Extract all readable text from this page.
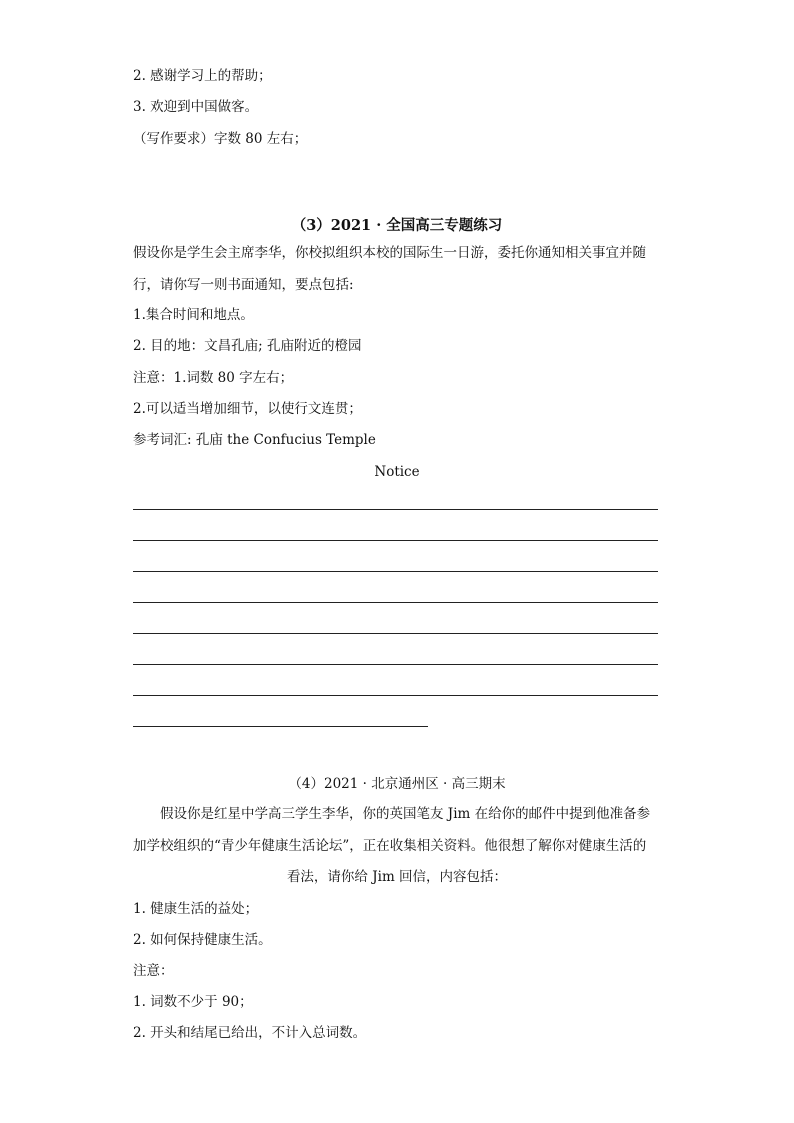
2. 感谢学习上的帮助；
3. 欢迎到中国做客。
（写作要求）字数 80 左右；
（3）2021 · 全国高三专题练习
假设你是学生会主席李华，你校拟组织本校的国际生一日游，委托你通知相关事宜并随
行，请你写一则书面通知，要点包括:
1.集合时间和地点。
2. 目的地：文昌孔庙; 孔庙附近的橙园
注意：1.词数 80 字左右；
2.可以适当增加细节，以使行文连贯；
参考词汇: 孔庙 the Confucius Temple
Notice
（4）2021 · 北京通州区 · 高三期末
假设你是红星中学高三学生李华，你的英国笔友 Jim 在给你的邮件中提到他准备参
加学校组织的“青少年健康生活论坛”，正在收集相关资料。他很想了解你对健康生活的
看法，请你给 Jim 回信，内容包括：
1. 健康生活的益处；
2. 如何保持健康生活。
注意：
1. 词数不少于 90；
2. 开头和结尾已给出，不计入总词数。
